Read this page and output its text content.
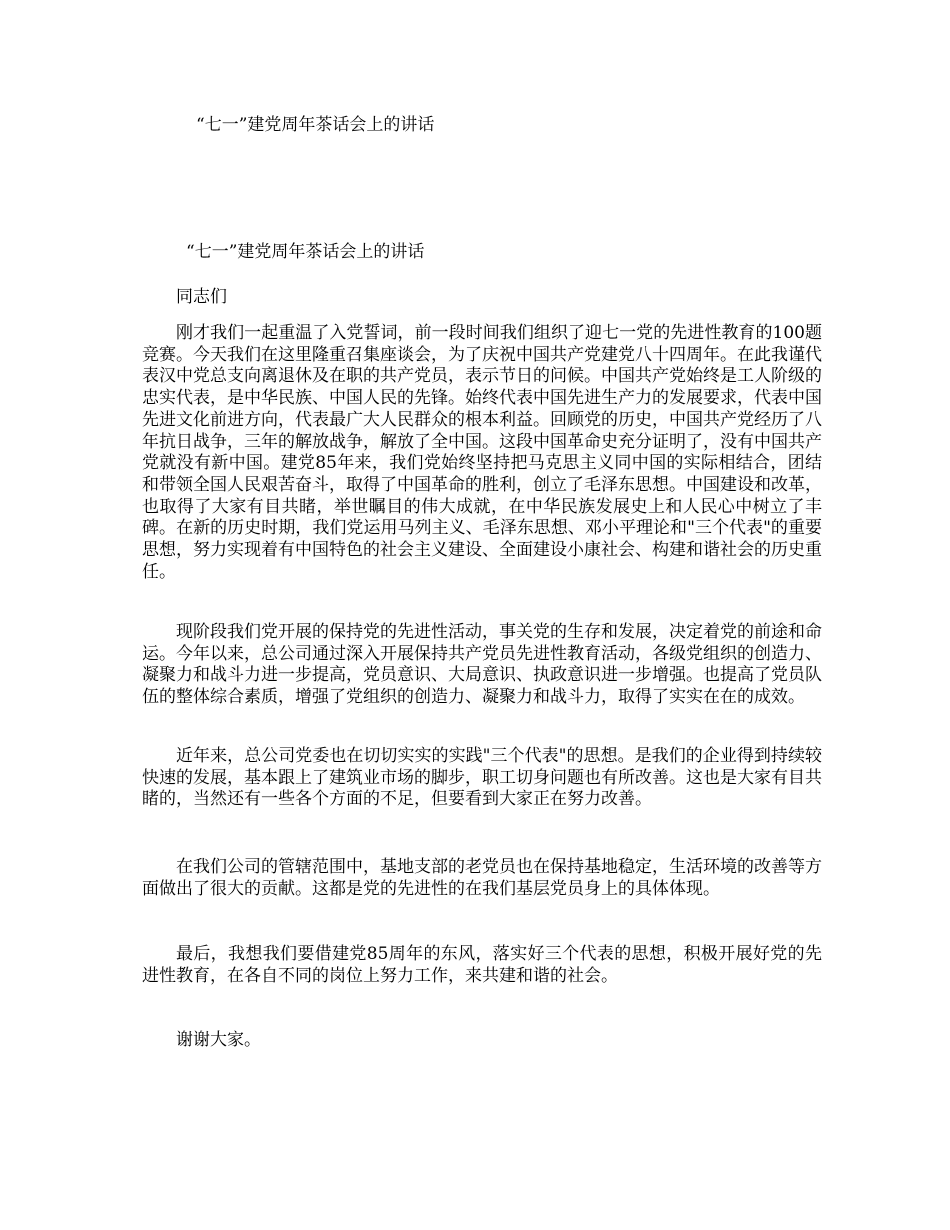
“七一”建党周年茶话会上的讲话
“七一”建党周年茶话会上的讲话
同志们

刚才我们一起重温了入党誓词，前一段时间我们组织了迎七一党的先进性教育的100题竞赛。今天我们在这里隆重召集座谈会，为了庆祝中国共产党建党八十四周年。在此我谨代表汉中党总支向离退休及在职的共产党员，表示节日的问候。中国共产党始终是工人阶级的忠实代表，是中华民族、中国人民的先锋。始终代表中国先进生产力的发展要求，代表中国先进文化前进方向，代表最广大人民群众的根本利益。回顾党的历史，中国共产党经历了八年抗日战争，三年的解放战争，解放了全中国。这段中国革命史充分证明了，没有中国共产党就没有新中国。建党85年来，我们党始终坚持把马克思主义同中国的实际相结合，团结和带领全国人民艰苦奋斗，取得了中国革命的胜利，创立了毛泽东思想。中国建设和改革，也取得了大家有目共睹，举世瞩目的伟大成就，在中华民族发展史上和人民心中树立了丰碑。在新的历史时期，我们党运用马列主义、毛泽东思想、邓小平理论和"三个代表"的重要思想，努力实现着有中国特色的社会主义建设、全面建设小康社会、构建和谐社会的历史重任。

现阶段我们党开展的保持党的先进性活动，事关党的生存和发展，决定着党的前途和命运。今年以来，总公司通过深入开展保持共产党员先进性教育活动，各级党组织的创造力、凝聚力和战斗力进一步提高，党员意识、大局意识、执政意识进一步增强。也提高了党员队伍的整体综合素质，增强了党组织的创造力、凝聚力和战斗力，取得了实实在在的成效。

近年来，总公司党委也在切切实实的实践"三个代表"的思想。是我们的企业得到持续较快速的发展，基本跟上了建筑业市场的脚步，职工切身问题也有所改善。这也是大家有目共睹的，当然还有一些各个方面的不足，但要看到大家正在努力改善。

在我们公司的管辖范围中，基地支部的老党员也在保持基地稳定，生活环境的改善等方面做出了很大的贡献。这都是党的先进性的在我们基层党员身上的具体体现。

最后，我想我们要借建党85周年的东风，落实好三个代表的思想，积极开展好党的先进性教育，在各自不同的岗位上努力工作，来共建和谐的社会。

谢谢大家。
